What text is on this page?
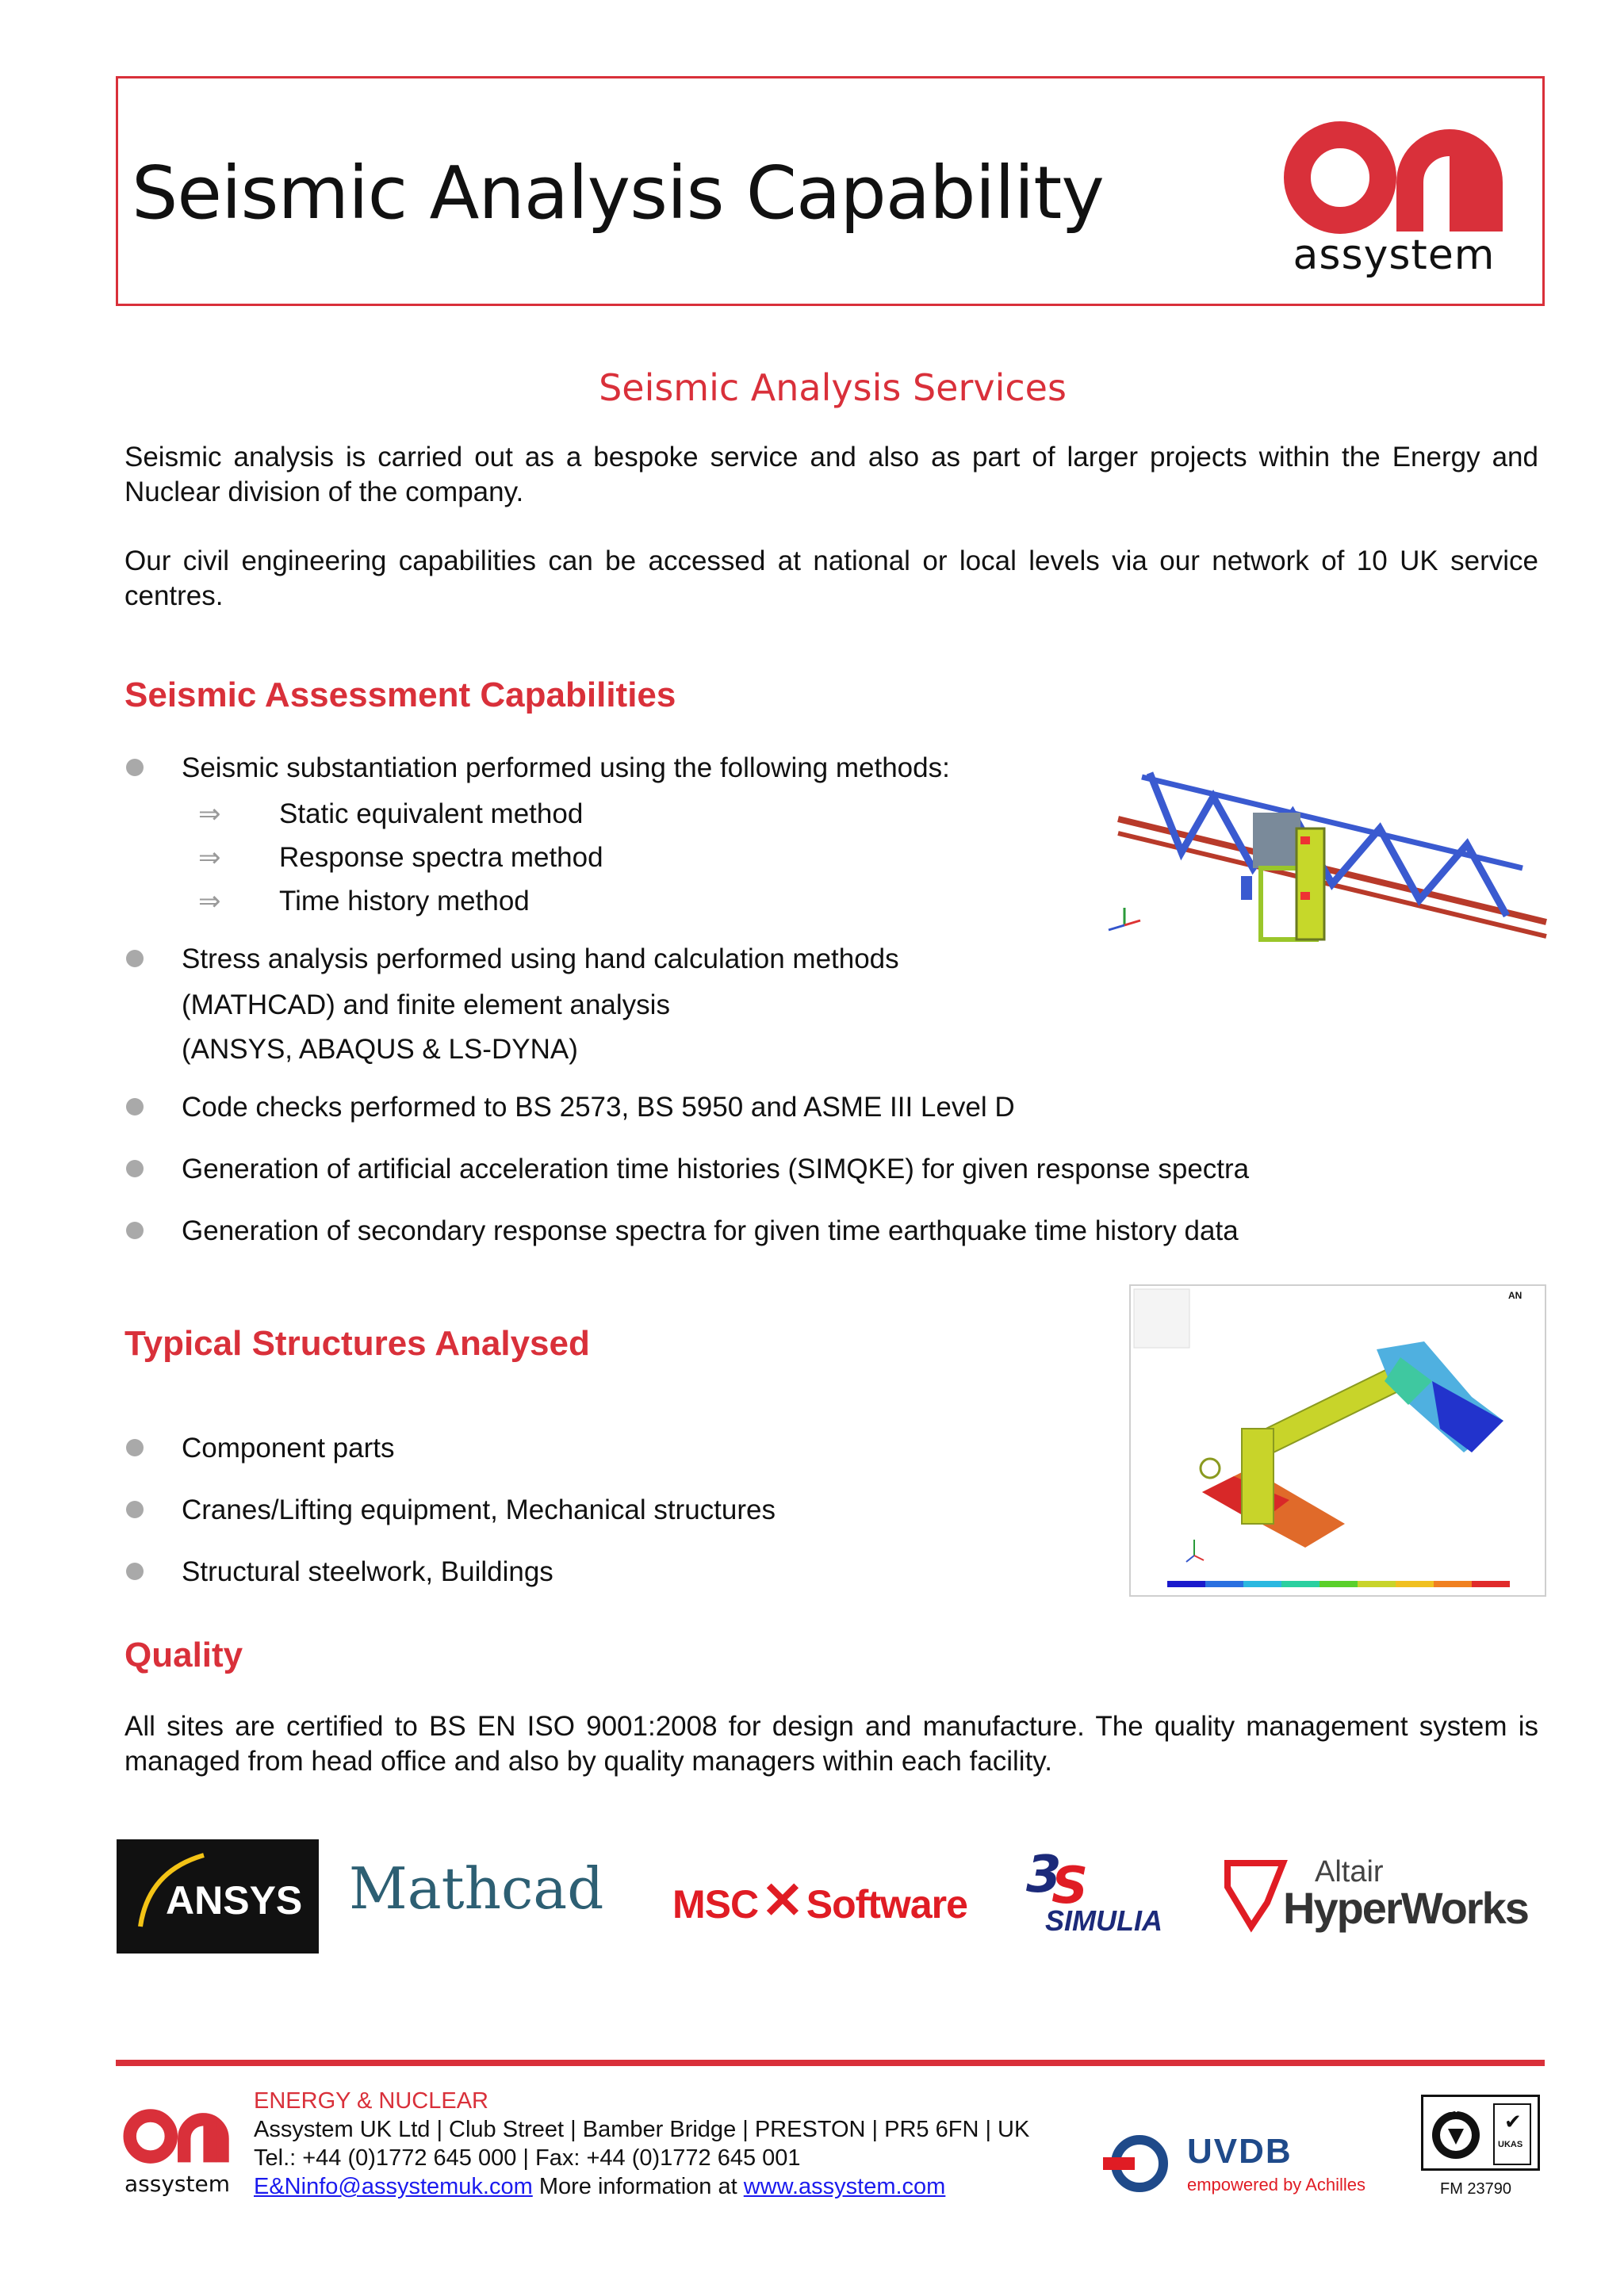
Seismic Analysis Capability
assystem
Seismic Analysis Services
Seismic analysis is carried out as a bespoke service and also as part of larger projects within the Energy and Nuclear division of the company.
Our civil engineering capabilities can be accessed at national or local levels via our network of 10 UK service centres.
Seismic Assessment Capabilities
Seismic substantiation performed using the following methods:
⇒ Static equivalent method
⇒ Response spectra method
⇒ Time history method
Stress analysis performed using hand calculation methods
(MATHCAD) and finite element analysis
(ANSYS, ABAQUS & LS-DYNA)
Code checks performed to BS 2573, BS 5950 and ASME III Level D
Generation of artificial acceleration time histories (SIMQKE) for given response spectra
Generation of secondary response spectra for given time earthquake time history data
Typical Structures Analysed
Component parts
Cranes/Lifting equipment, Mechanical structures
Structural steelwork, Buildings
AN
Quality
All sites are certified to BS EN ISO 9001:2008 for design and manufacture. The quality management system is managed from head office and also by quality managers within each facility.
ANSYS Mathcad MSC✕Software 3
S
SIMULIA
Altair
HyperWorks
assystem
ENERGY & NUCLEAR
Assystem UK Ltd | Club Street | Bamber Bridge | PRESTON | PR5 6FN | UK
Tel.: +44 (0)1772 645 000 | Fax: +44 (0)1772 645 001
E&Ninfo@assystemuk.com More information at www.assystem.com
UVDB
empowered by Achilles
BSI
✔
UKAS
FM 23790
